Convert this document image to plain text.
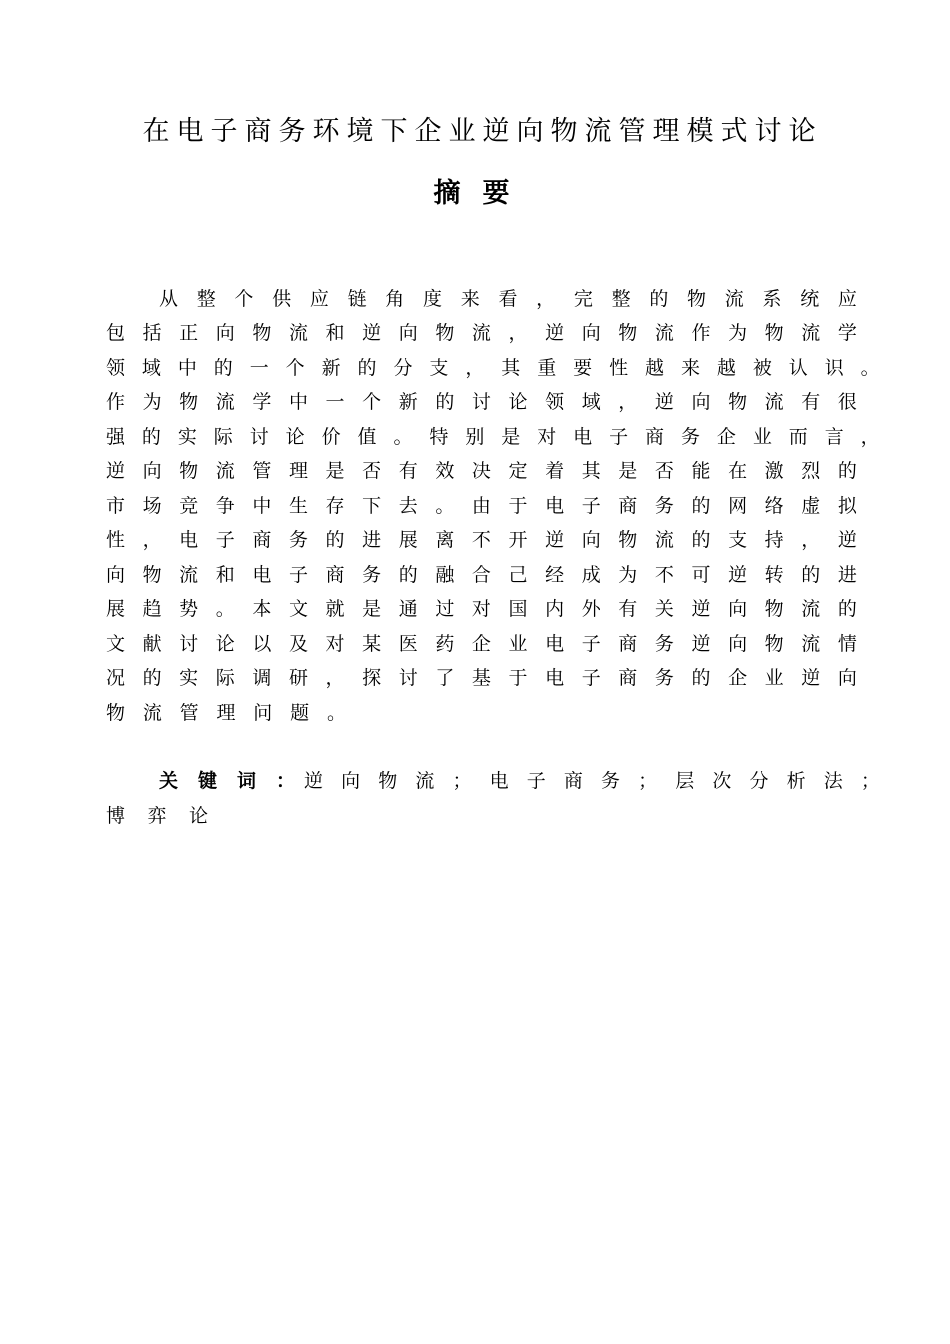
在电子商务环境下企业逆向物流管理模式讨论
摘要
从 整 个 供 应 链 角 度 来 看 ， 完 整 的 物 流 系 统 应
包 括 正 向 物 流 和 逆 向 物 流 ， 逆 向 物 流 作 为 物 流 学
领 域 中 的 一 个 新 的 分 支 ， 其 重 要 性 越 来 越 被 认 识 。
作 为 物 流 学 中 一 个 新 的 讨 论 领 域 ， 逆 向 物 流 有 很
强 的 实 际 讨 论 价 值 。 特 别 是 对 电 子 商 务 企 业 而 言 ，
逆 向 物 流 管 理 是 否 有 效 决 定 着 其 是 否 能 在 激 烈 的
市 场 竞 争 中 生 存 下 去 。 由 于 电 子 商 务 的 网 络 虚 拟
性 ， 电 子 商 务 的 进 展 离 不 开 逆 向 物 流 的 支 持 ， 逆
向 物 流 和 电 子 商 务 的 融 合 己 经 成 为 不 可 逆 转 的 进
展 趋 势 。 本 文 就 是 通 过 对 国 内 外 有 关 逆 向 物 流 的
文 献 讨 论 以 及 对 某 医 药 企 业 电 子 商 务 逆 向 物 流 情
况 的 实 际 调 研 ， 探 讨 了 基 于 电 子 商 务 的 企 业 逆 向
物 流 管 理 问 题 。
关 键 词 ： 逆 向 物 流 ； 电 子 商 务 ； 层 次 分 析 法 ；
博 弈 论
